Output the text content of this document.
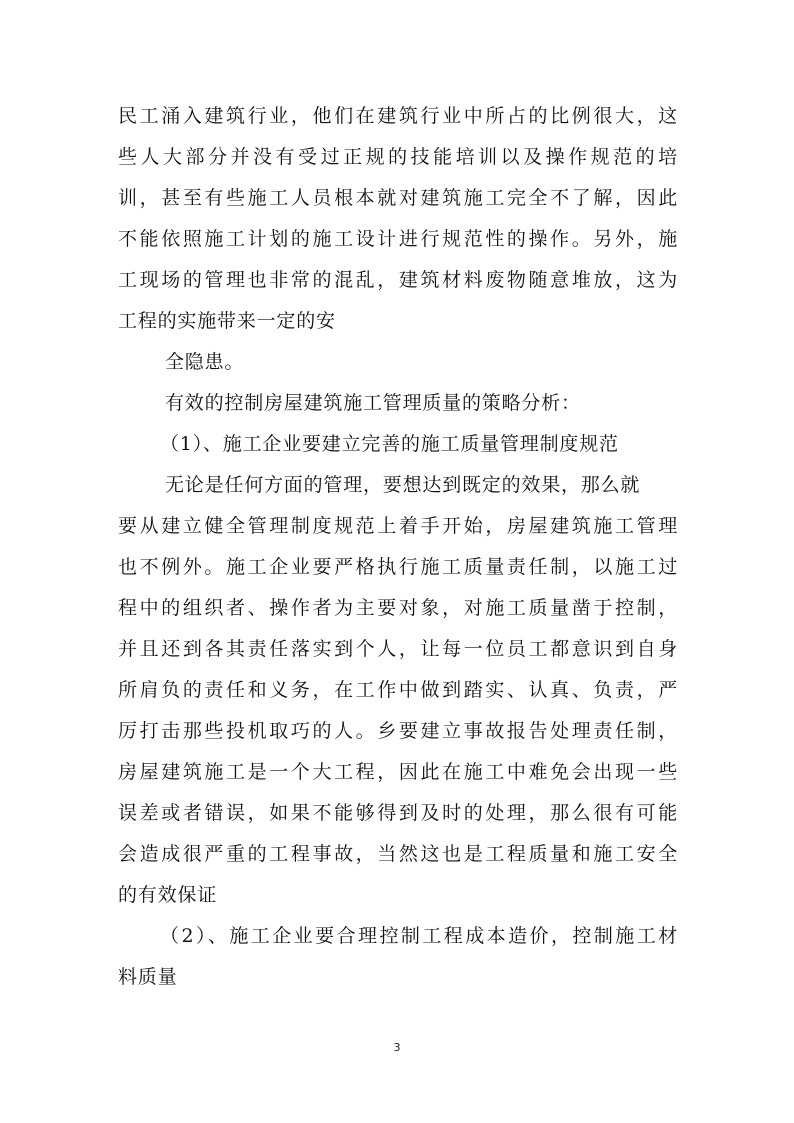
民工涌入建筑行业，他们在建筑行业中所占的比例很大，这
些人大部分并没有受过正规的技能培训以及操作规范的培
训，甚至有些施工人员根本就对建筑施工完全不了解，因此
不能依照施工计划的施工设计进行规范性的操作。另外，施
工现场的管理也非常的混乱，建筑材料废物随意堆放，这为
工程的实施带来一定的安
全隐患。
有效的控制房屋建筑施工管理质量的策略分析：
（1）、施工企业要建立完善的施工质量管理制度规范
无论是任何方面的管理，要想达到既定的效果，那么就
要从建立健全管理制度规范上着手开始，房屋建筑施工管理
也不例外。施工企业要严格执行施工质量责任制，以施工过
程中的组织者、操作者为主要对象，对施工质量凿于控制，
并且还到各其责任落实到个人，让每一位员工都意识到自身
所肩负的责任和义务，在工作中做到踏实、认真、负责，严
厉打击那些投机取巧的人。乡要建立事故报告处理责任制，
房屋建筑施工是一个大工程，因此在施工中难免会出现一些
误差或者错误，如果不能够得到及时的处理，那么很有可能
会造成很严重的工程事故，当然这也是工程质量和施工安全
的有效保证
（2）、施工企业要合理控制工程成本造价，控制施工材
料质量
3
